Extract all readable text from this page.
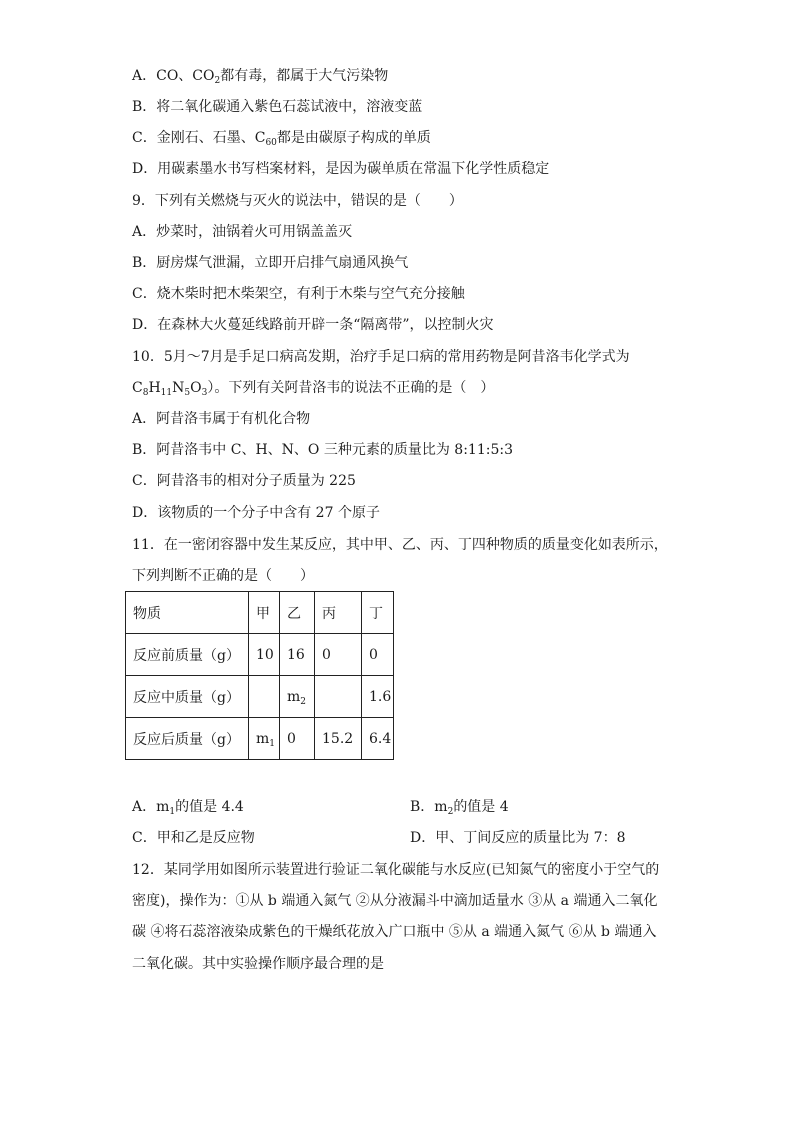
A．CO、$CO_2$都有毒，都属于大气污染物
B．将二氧化碳通入紫色石蕊试液中，溶液变蓝
C．金刚石、石墨、$C_{60}$都是由碳原子构成的单质
D．用碳素墨水书写档案材料，是因为碳单质在常温下化学性质稳定
9．下列有关燃烧与灭火的说法中，错误的是（　　）
A．炒菜时，油锅着火可用锅盖盖灭
B．厨房煤气泄漏，立即开启排气扇通风换气
C．烧木柴时把木柴架空，有利于木柴与空气充分接触
D．在森林大火蔓延线路前开辟一条“隔离带”，以控制火灾
10．5月～7月是手足口病高发期，治疗手足口病的常用药物是阿昔洛韦化学式为
$C_8H_{11}N_5O_3$）。下列有关阿昔洛韦的说法不正确的是（　）
A．阿昔洛韦属于有机化合物
B．阿昔洛韦中 C、H、N、O 三种元素的质量比为 8:11:5:3
C．阿昔洛韦的相对分子质量为 225
D．该物质的一个分子中含有 27 个原子
11．在一密闭容器中发生某反应，其中甲、乙、丙、丁四种物质的质量变化如表所示，
下列判断不正确的是（　　）
物质	甲	乙	丙	丁
反应前质量（g）	10	16	0	0
反应中质量（g）		$m_2$		1.6
反应后质量（g）	$m_1$	0	15.2	6.4
A．$m_1$的值是 4.4	B．$m_2$的值是 4
C．甲和乙是反应物	D．甲、丁间反应的质量比为 7：8
12．某同学用如图所示装置进行验证二氧化碳能与水反应(已知氮气的密度小于空气的
密度)，操作为：①从 b 端通入氮气 ②从分液漏斗中滴加适量水 ③从 a 端通入二氧化
碳 ④将石蕊溶液染成紫色的干燥纸花放入广口瓶中 ⑤从 a 端通入氮气 ⑥从 b 端通入
二氧化碳。其中实验操作顺序最合理的是
